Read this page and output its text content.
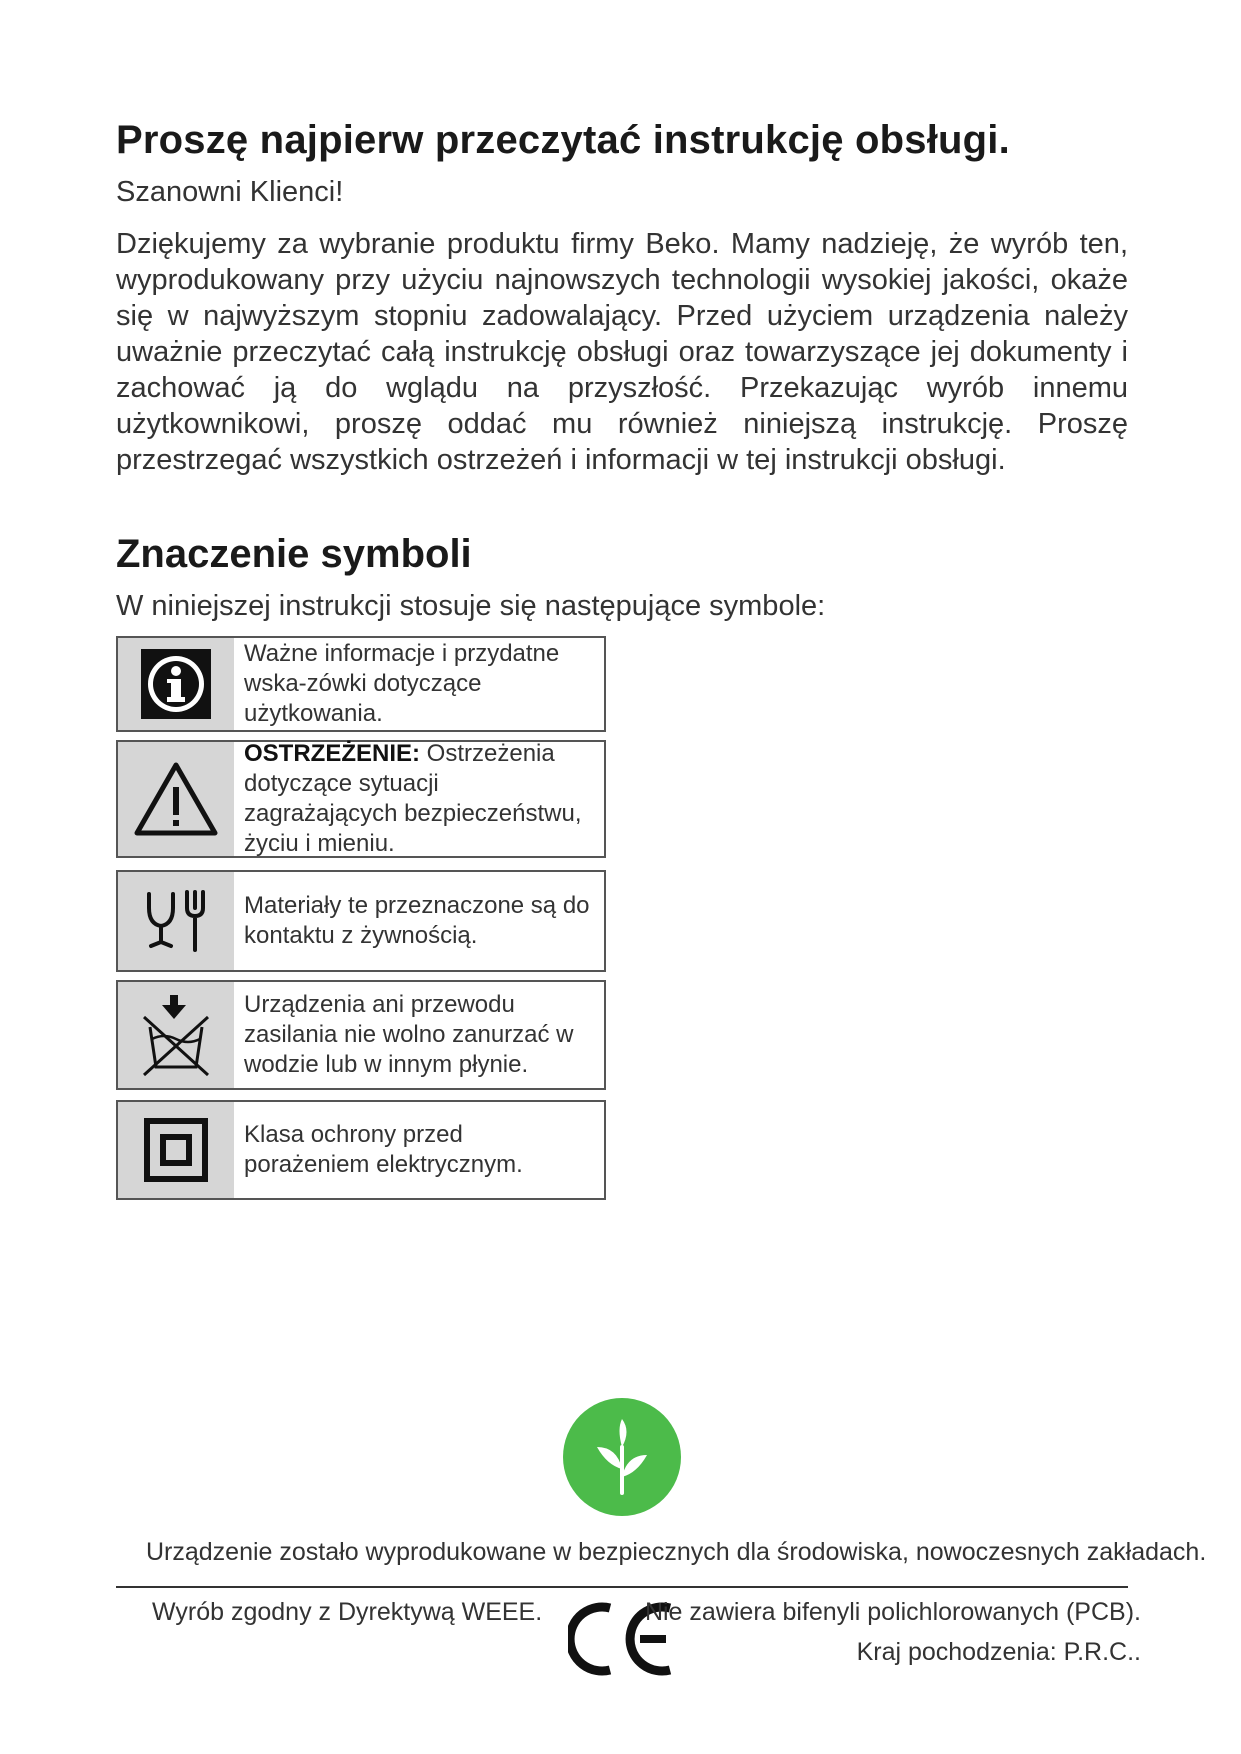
Proszę najpierw przeczytać instrukcję obsługi.
Szanowni Klienci!

Dziękujemy za wybranie produktu firmy Beko. Mamy nadzieję, że wyrób ten, wyprodukowany przy użyciu najnowszych technologii wysokiej jakości, okaże się w najwyższym stopniu zadowalający. Przed użyciem urządzenia należy uważnie przeczytać całą instrukcję obsługi oraz towarzyszące jej dokumenty i zachować ją do wglądu na przyszłość. Przekazując wyrób innemu użytkownikowi, proszę oddać mu również niniejszą instrukcję. Proszę przestrzegać wszystkich ostrzeżeń i informacji w tej instrukcji obsługi.

Znaczenie symboli
W niniejszej instrukcji stosuje się następujące symbole:
Ważne informacje i przydatne wska-zówki dotyczące użytkowania.
OSTRZEŻENIE: Ostrzeżenia dotyczące sytuacji zagrażających bezpieczeństwu, życiu i mieniu.
Materiały te przeznaczone są do kontaktu z żywnością.
Urządzenia ani przewodu zasilania nie wolno zanurzać w wodzie lub w innym płynie.
Klasa ochrony przed porażeniem elektrycznym.
Urządzenie zostało wyprodukowane w bezpiecznych dla środowiska, nowoczesnych zakładach.
Wyrób zgodny z Dyrektywą WEEE.	Nie zawiera bifenyli polichlorowanych (PCB).
Kraj pochodzenia: P.R.C..
